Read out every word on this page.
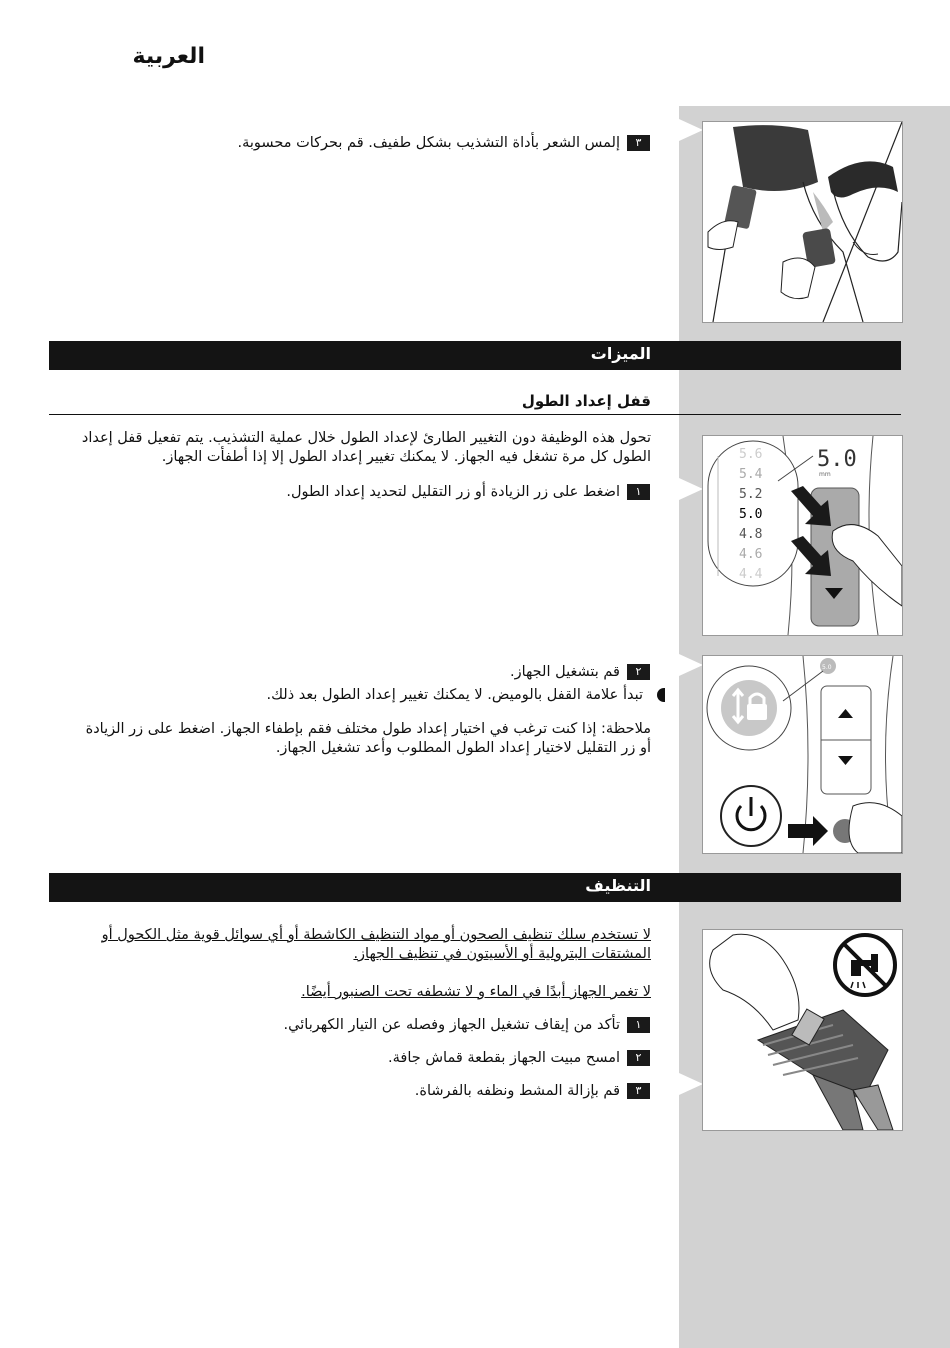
العربية
٣
إلمس الشعر بأداة التشذيب بشكل طفيف. قم بحركات محسوبة.
الميزات
قفل إعداد الطول
تحول هذه الوظيفة دون التغيير الطارئ لإعداد الطول خلال عملية التشذيب. يتم تفعيل قفل إعداد
الطول كل مرة تشغل فيه الجهاز. لا يمكنك تغيير إعداد الطول إلا إذا أطفأت الجهاز.
١
اضغط على زر الزيادة أو زر التقليل لتحديد إعداد الطول.
5.6
5.4
5.2
5.0
4.8
4.6
4.4
5.0
mm
٢
قم بتشغيل الجهاز.
تبدأ علامة القفل بالوميض. لا يمكنك تغيير إعداد الطول بعد ذلك.
ملاحظة: إذا كنت ترغب في اختيار إعداد طول مختلف فقم بإطفاء الجهاز. اضغط على زر الزيادة
أو زر التقليل لاختيار إعداد الطول المطلوب وأعد تشغيل الجهاز.
5.0
التنظيف
لا تستخدم سلك تنظيف الصحون أو مواد التنظيف الكاشطة أو أي سوائل قوية مثل الكحول أو
المشتقات البترولية أو الأسيتون في تنظيف الجهاز.
لا تغمر الجهاز أبدًا في الماء و لا تشطفه تحت الصنبور أيضًا.
١
تأكد من إيقاف تشغيل الجهاز وفصله عن التيار الكهربائي.
٢
امسح مبيت الجهاز بقطعة قماش جافة.
٣
قم بإزالة المشط ونظفه بالفرشاة.
